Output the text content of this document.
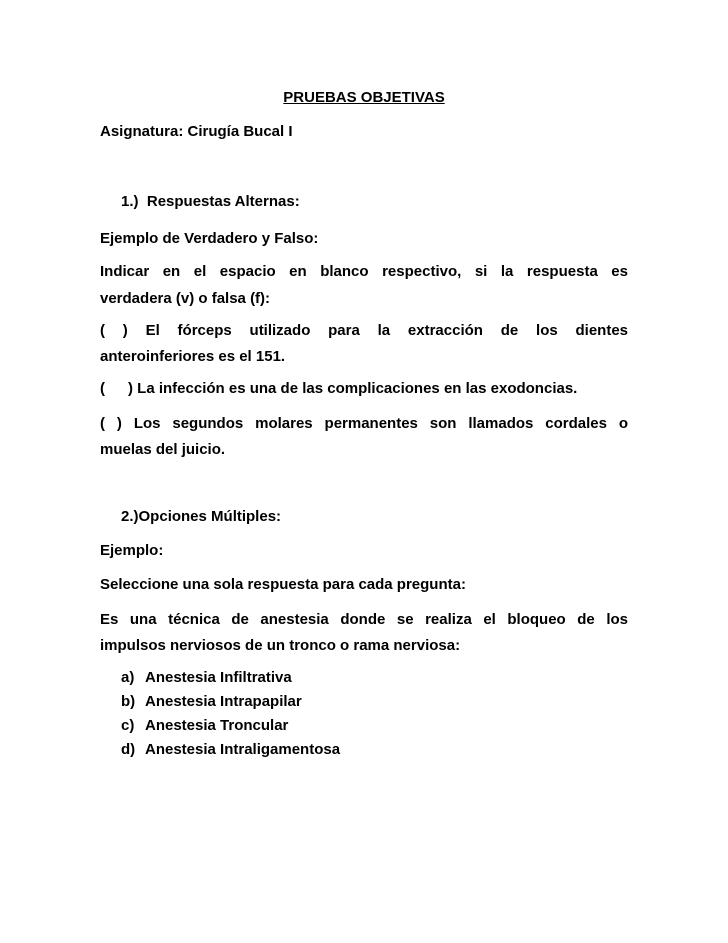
PRUEBAS OBJETIVAS
Asignatura: Cirugía Bucal I
1.) Respuestas Alternas:
Ejemplo de Verdadero y Falso:
Indicar en el espacio en blanco respectivo, si la respuesta es
verdadera (v) o falsa (f):
( ) El fórceps utilizado para la extracción de los dientes
anteroinferiores es el 151.
( ) La infección es una de las complicaciones en las exodoncias.
( ) Los segundos molares permanentes son llamados cordales o
muelas del juicio.
2.)Opciones Múltiples:
Ejemplo:
Seleccione una sola respuesta para cada pregunta:
Es una técnica de anestesia donde se realiza el bloqueo de los
impulsos nerviosos de un tronco o rama nerviosa:
a) Anestesia Infiltrativa
b) Anestesia Intrapapilar
c) Anestesia Troncular
d) Anestesia Intraligamentosa
